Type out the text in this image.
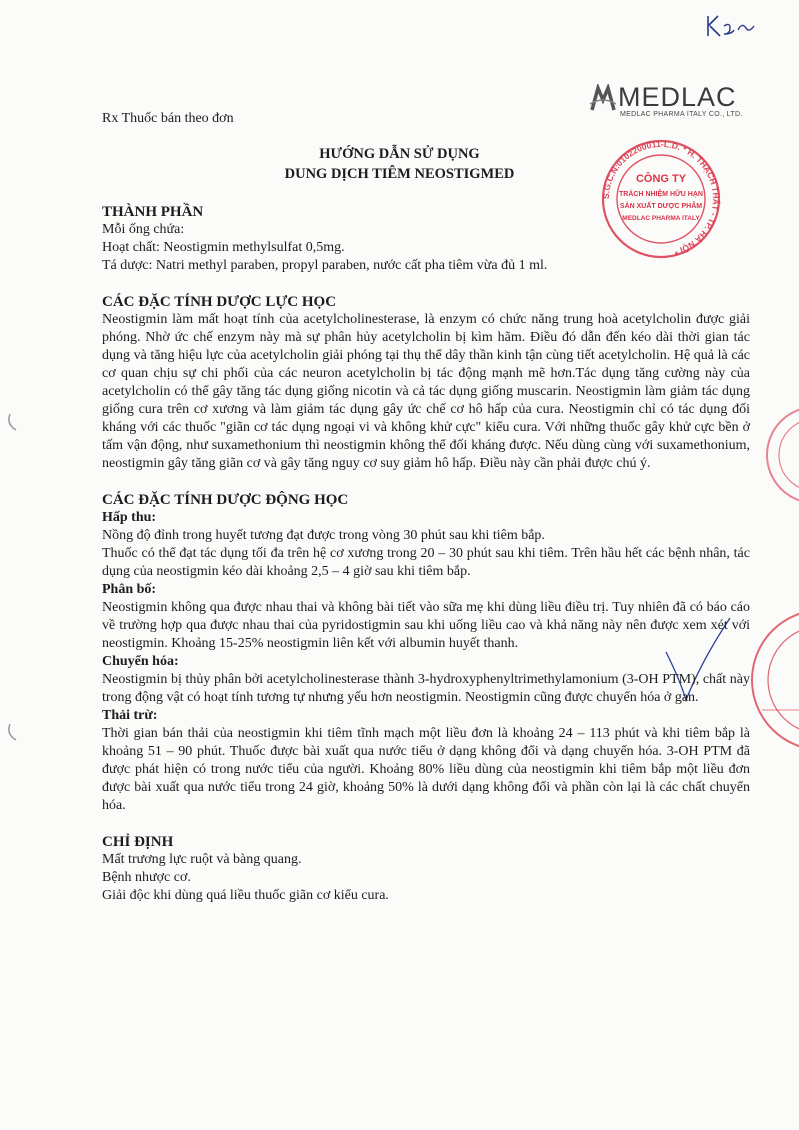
Rx Thuốc bán theo đơn
MEDLAC
MEDLAC PHARMA ITALY CO., LTD.
S.G.C.N:0102200011-L.D. * H. THẠCH THẤT - TP. HÀ NỘI *
CÔNG TY
TRÁCH NHIỆM HỮU HẠN
SẢN XUẤT DƯỢC PHẨM
MEDLAC PHARMA ITALY
HƯỚNG DẪN SỬ DỤNG
DUNG DỊCH TIÊM NEOSTIGMED
THÀNH PHẦN
Mỗi ống chứa:
Hoạt chất: Neostigmin methylsulfat 0,5mg.
Tá dược: Natri methyl paraben, propyl paraben, nước cất pha tiêm vừa đủ 1 ml.
CÁC ĐẶC TÍNH DƯỢC LỰC HỌC
Neostigmin làm mất hoạt tính của acetylcholinesterase, là enzym có chức năng trung hoà acetylcholin được giải phóng. Nhờ ức chế enzym này mà sự phân hủy acetylcholin bị kìm hãm. Điều đó dẫn đến kéo dài thời gian tác dụng và tăng hiệu lực của acetylcholin giải phóng tại thụ thể dây thần kinh tận cùng tiết acetylcholin. Hệ quả là các cơ quan chịu sự chi phối của các neuron acetylcholin bị tác động mạnh mẽ hơn.Tác dụng tăng cường này của acetylcholin có thể gây tăng tác dụng giống nicotin và cả tác dụng giống muscarin. Neostigmin làm giảm tác dụng giống cura trên cơ xương và làm giảm tác dụng gây ức chế cơ hô hấp của cura. Neostigmin chỉ có tác dụng đối kháng với các thuốc "giãn cơ tác dụng ngoại vi và không khử cực" kiểu cura. Với những thuốc gây khử cực bền ở tấm vận động, như suxamethonium thì neostigmin không thể đối kháng được. Nếu dùng cùng với suxamethonium, neostigmin gây tăng giãn cơ và gây tăng nguy cơ suy giảm hô hấp. Điều này cần phải được chú ý.
CÁC ĐẶC TÍNH DƯỢC ĐỘNG HỌC
Hấp thu:
Nồng độ đỉnh trong huyết tương đạt được trong vòng 30 phút sau khi tiêm bắp.
Thuốc có thể đạt tác dụng tối đa trên hệ cơ xương trong 20 – 30 phút sau khi tiêm. Trên hầu hết các bệnh nhân, tác dụng của neostigmin kéo dài khoảng 2,5 – 4 giờ sau khi tiêm bắp.
Phân bố:
Neostigmin không qua được nhau thai và không bài tiết vào sữa mẹ khi dùng liều điều trị. Tuy nhiên đã có báo cáo về trường hợp qua được nhau thai của pyridostigmin sau khi uống liều cao và khả năng này nên được xem xét với neostigmin. Khoảng 15-25% neostigmin liên kết với albumin huyết thanh.
Chuyển hóa:
Neostigmin bị thủy phân bởi acetylcholinesterase thành 3-hydroxyphenyltrimethylamonium (3-OH PTM), chất này trong động vật có hoạt tính tương tự nhưng yếu hơn neostigmin. Neostigmin cũng được chuyển hóa ở gan.
Thải trừ:
Thời gian bán thải của neostigmin khi tiêm tĩnh mạch một liều đơn là khoảng 24 – 113 phút và khi tiêm bắp là khoảng 51 – 90 phút. Thuốc được bài xuất qua nước tiểu ở dạng không đổi và dạng chuyển hóa. 3-OH PTM đã được phát hiện có trong nước tiểu của người. Khoảng 80% liều dùng của neostigmin khi tiêm bắp một liều đơn được bài xuất qua nước tiểu trong 24 giờ, khoảng 50% là dưới dạng không đổi và phần còn lại là các chất chuyển hóa.
CHỈ ĐỊNH
Mất trương lực ruột và bàng quang.
Bệnh nhược cơ.
Giải độc khi dùng quá liều thuốc giãn cơ kiểu cura.
